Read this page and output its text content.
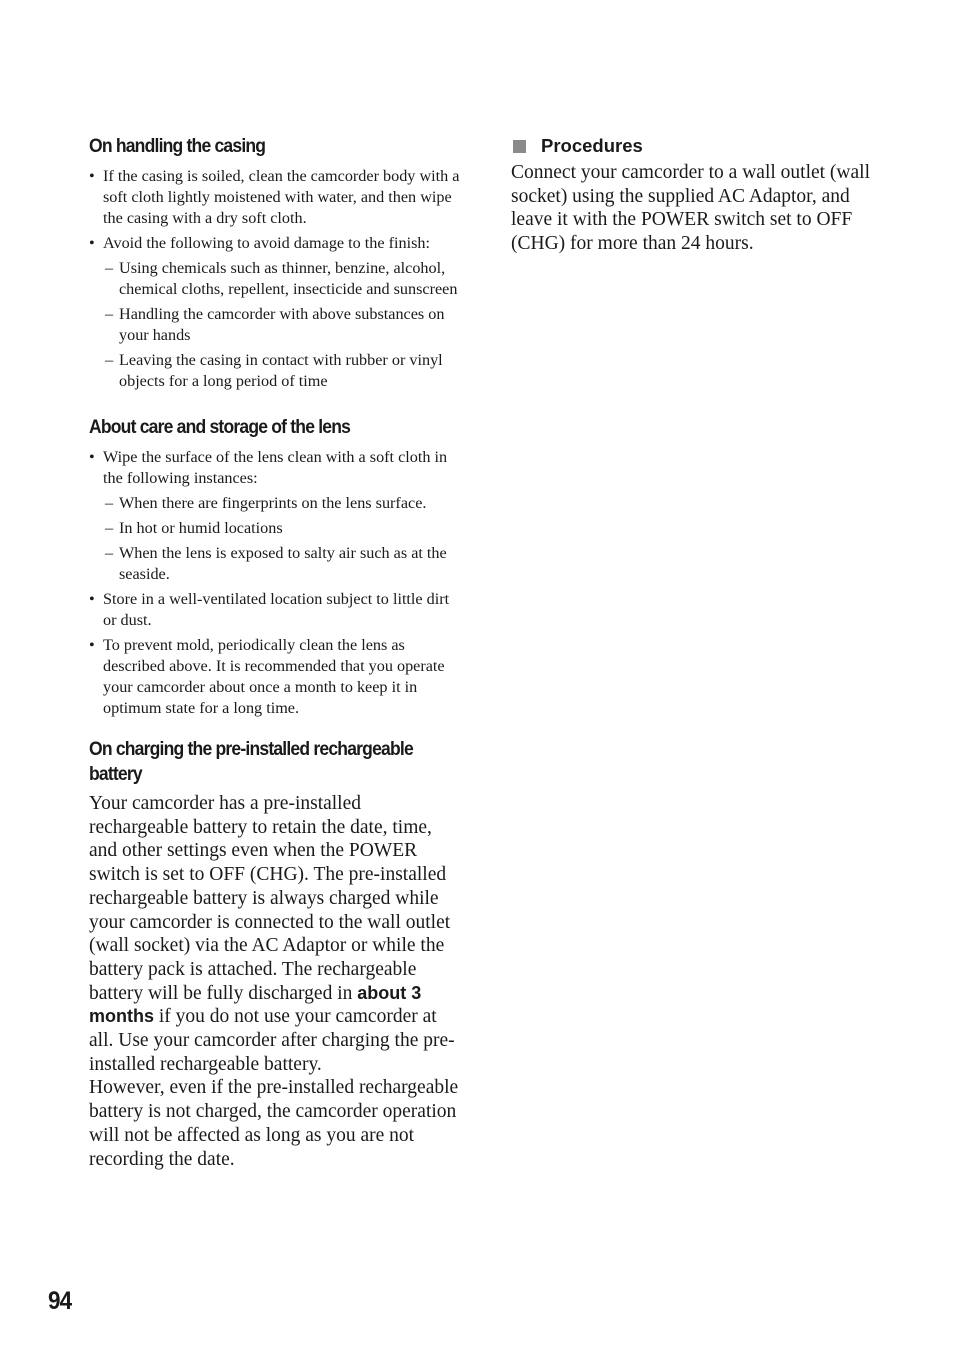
On handling the casing
• If the casing is soiled, clean the camcorder body with a soft cloth lightly moistened with water, and then wipe the casing with a dry soft cloth.
• Avoid the following to avoid damage to the finish:
– Using chemicals such as thinner, benzine, alcohol, chemical cloths, repellent, insecticide and sunscreen
– Handling the camcorder with above substances on your hands
– Leaving the casing in contact with rubber or vinyl objects for a long period of time
About care and storage of the lens
• Wipe the surface of the lens clean with a soft cloth in the following instances:
– When there are fingerprints on the lens surface.
– In hot or humid locations
– When the lens is exposed to salty air such as at the seaside.
• Store in a well-ventilated location subject to little dirt or dust.
• To prevent mold, periodically clean the lens as described above. It is recommended that you operate your camcorder about once a month to keep it in optimum state for a long time.
On charging the pre-installed rechargeable battery

Your camcorder has a pre-installed rechargeable battery to retain the date, time, and other settings even when the POWER switch is set to OFF (CHG). The pre-installed rechargeable battery is always charged while your camcorder is connected to the wall outlet (wall socket) via the AC Adaptor or while the battery pack is attached. The rechargeable battery will be fully discharged in about 3 months if you do not use your camcorder at all. Use your camcorder after charging the pre-installed rechargeable battery.

However, even if the pre-installed rechargeable battery is not charged, the camcorder operation will not be affected as long as you are not recording the date.

Procedures

Connect your camcorder to a wall outlet (wall socket) using the supplied AC Adaptor, and leave it with the POWER switch set to OFF (CHG) for more than 24 hours.

94
